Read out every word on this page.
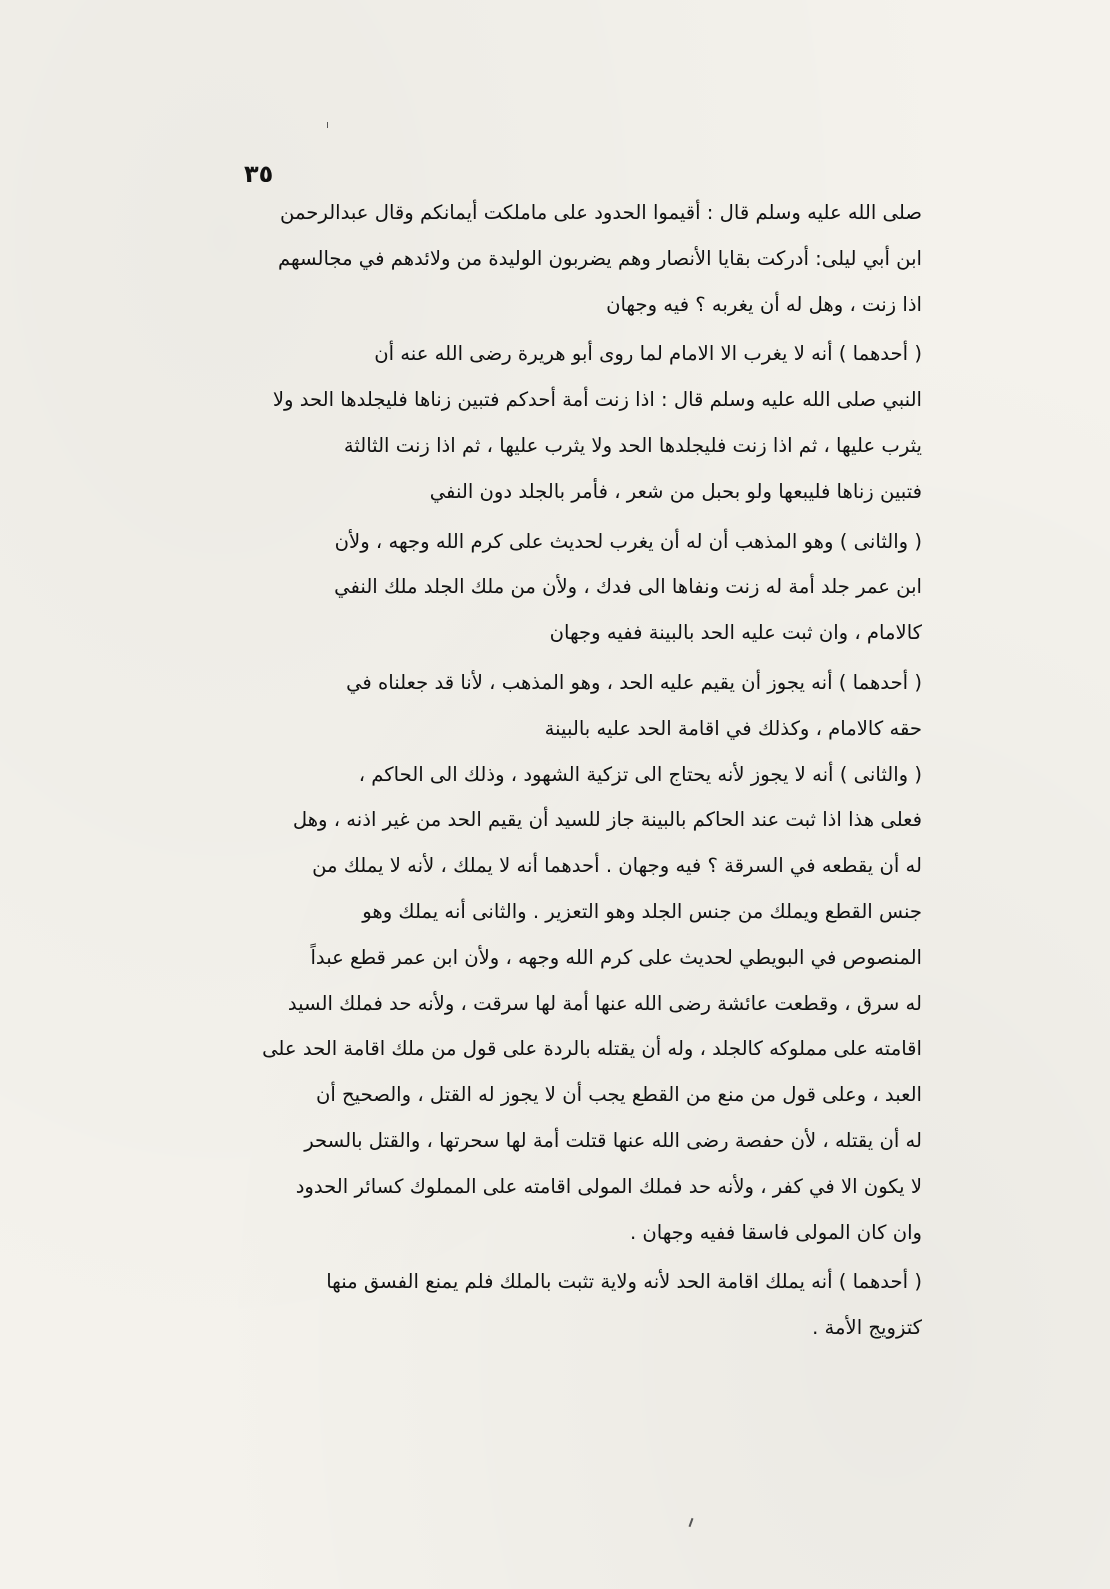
٣٥
صلى الله عليه وسلم قال : أقيموا الحدود على ماملكت أيمانكم وقال عبدالرحمن
ابن أبي ليلى: أدركت بقايا الأنصار وهم يضربون الوليدة من ولائدهم في مجالسهم
اذا زنت ، وهل له أن يغربه ؟ فيه وجهان
( أحدهما ) أنه لا يغرب الا الامام لما روى أبو هريرة رضى الله عنه أن
النبي صلى الله عليه وسلم قال : اذا زنت أمة أحدكم فتبين زناها فليجلدها الحد ولا
يثرب عليها ، ثم اذا زنت فليجلدها الحد ولا يثرب عليها ، ثم اذا زنت الثالثة
فتبين زناها فليبعها ولو بحبل من شعر ، فأمر بالجلد دون النفي
( والثانى ) وهو المذهب أن له أن يغرب لحديث على كرم الله وجهه ، ولأن
ابن عمر جلد أمة له زنت ونفاها الى فدك ، ولأن من ملك الجلد ملك النفي
كالامام ، وان ثبت عليه الحد بالبينة ففيه وجهان
( أحدهما ) أنه يجوز أن يقيم عليه الحد ، وهو المذهب ، لأنا قد جعلناه في
حقه كالامام ، وكذلك في اقامة الحد عليه بالبينة
( والثانى ) أنه لا يجوز لأنه يحتاج الى تزكية الشهود ، وذلك الى الحاكم ،
فعلى هذا اذا ثبت عند الحاكم بالبينة جاز للسيد أن يقيم الحد من غير اذنه ، وهل
له أن يقطعه في السرقة ؟ فيه وجهان . أحدهما أنه لا يملك ، لأنه لا يملك من
جنس القطع ويملك من جنس الجلد وهو التعزير . والثانى أنه يملك وهو
المنصوص في البويطي لحديث على كرم الله وجهه ، ولأن ابن عمر قطع عبداً
له سرق ، وقطعت عائشة رضى الله عنها أمة لها سرقت ، ولأنه حد فملك السيد
اقامته على مملوكه كالجلد ، وله أن يقتله بالردة على قول من ملك اقامة الحد على
العبد ، وعلى قول من منع من القطع يجب أن لا يجوز له القتل ، والصحيح أن
له أن يقتله ، لأن حفصة رضى الله عنها قتلت أمة لها سحرتها ، والقتل بالسحر
لا يكون الا في كفر ، ولأنه حد فملك المولى اقامته على المملوك كسائر الحدود
وان كان المولى فاسقا ففيه وجهان .
( أحدهما ) أنه يملك اقامة الحد لأنه ولاية تثبت بالملك فلم يمنع الفسق منها
كتزويج الأمة .
